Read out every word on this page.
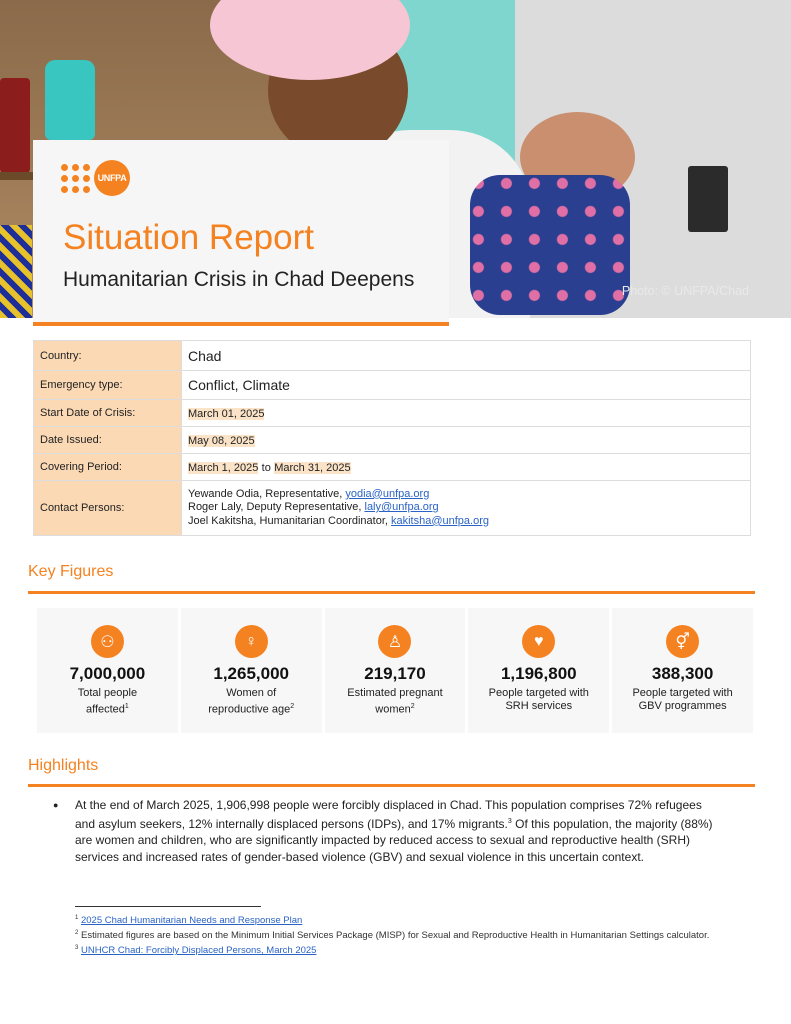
Photo: © UNFPA/Chad
UNFPA
Situation Report
Humanitarian Crisis in Chad Deepens
Country:	Chad
Emergency type:	Conflict, Climate
Start Date of Crisis:	March 01, 2025
Date Issued:	May 08, 2025
Covering Period:	March 1, 2025 to March 31, 2025
Contact Persons:	Yewande Odia, Representative, yodia@unfpa.org
Roger Laly, Deputy Representative, laly@unfpa.org
Joel Kakitsha, Humanitarian Coordinator, kakitsha@unfpa.org
Key Figures
⚇
7,000,000
Total people
affected$^1$
♀
1,265,000
Women of
reproductive age$^2$
♙
219,170
Estimated pregnant
women$^2$
♥
1,196,800
People targeted with
SRH services
⚥
388,300
People targeted with
GBV programmes
Highlights
● At the end of March 2025, 1,906,998 people were forcibly displaced in Chad. This population comprises 72% refugees and asylum seekers, 12% internally displaced persons (IDPs), and 17% migrants.$^3$ Of this population, the majority (88%) are women and children, who are significantly impacted by reduced access to sexual and reproductive health (SRH) services and increased rates of gender-based violence (GBV) and sexual violence in this uncertain context.
$^1$ 2025 Chad Humanitarian Needs and Response Plan
$^2$ Estimated figures are based on the Minimum Initial Services Package (MISP) for Sexual and Reproductive Health in Humanitarian Settings calculator.
$^3$ UNHCR Chad: Forcibly Displaced Persons, March 2025
